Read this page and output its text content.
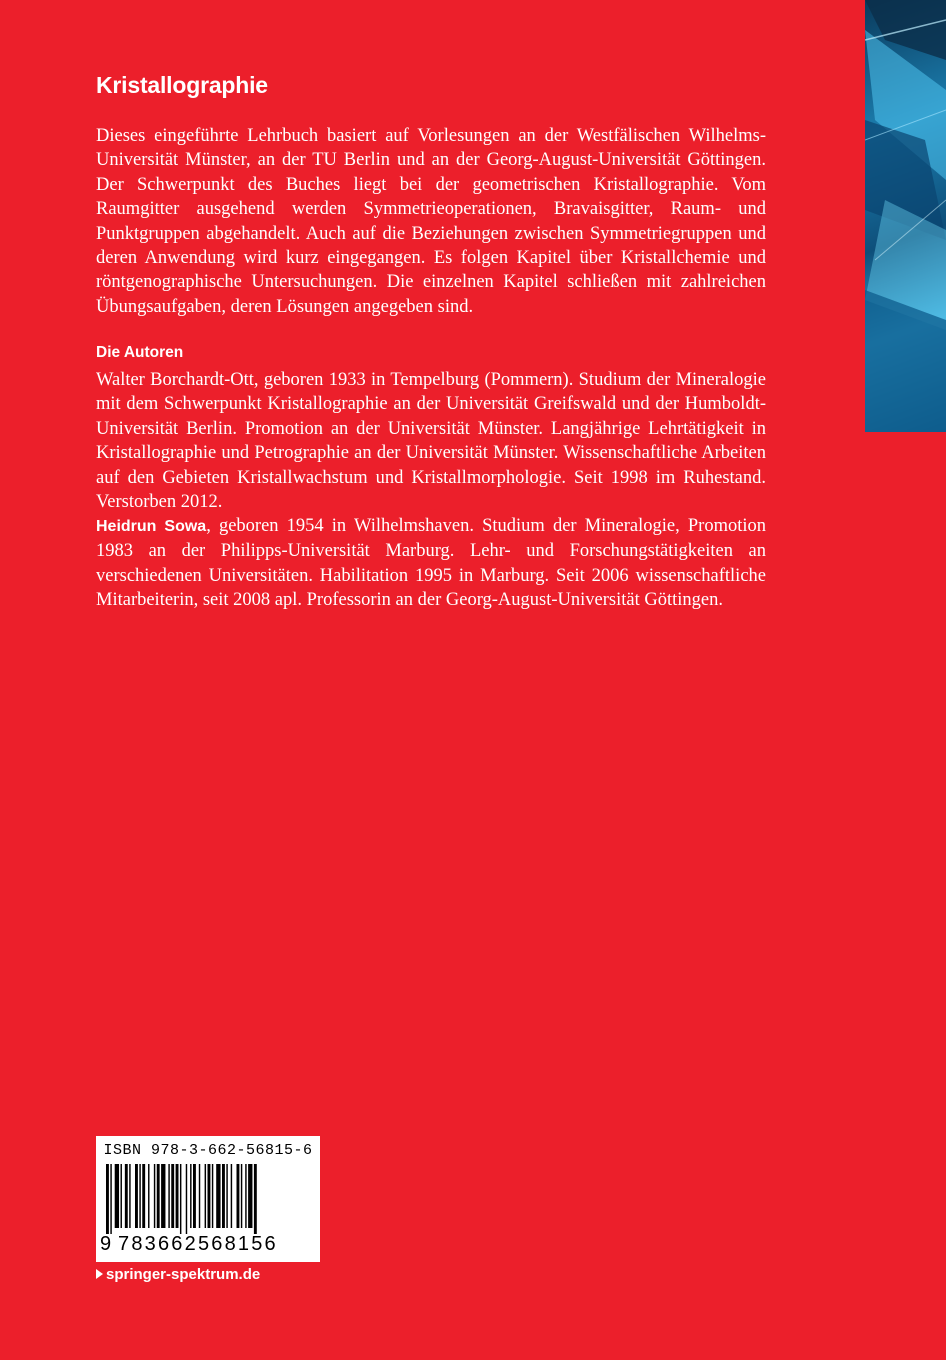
Kristallographie
Dieses eingeführte Lehrbuch basiert auf Vorlesungen an der Westfälischen Wilhelms-Universität Münster, an der TU Berlin und an der Georg-August-Universität Göttingen. Der Schwerpunkt des Buches liegt bei der geometrischen Kristallographie. Vom Raumgitter ausgehend werden Symmetrieoperationen, Bravaisgitter, Raum- und Punktgruppen abgehandelt. Auch auf die Beziehungen zwischen Symmetriegruppen und deren Anwendung wird kurz eingegangen. Es folgen Kapitel über Kristallchemie und röntgenographische Untersuchungen. Die einzelnen Kapitel schließen mit zahlreichen Übungsaufgaben, deren Lösungen angegeben sind.
Die Autoren
Walter Borchardt-Ott, geboren 1933 in Tempelburg (Pommern). Studium der Mineralogie mit dem Schwerpunkt Kristallographie an der Universität Greifswald und der Humboldt-Universität Berlin. Promotion an der Universität Münster. Langjährige Lehrtätigkeit in Kristallographie und Petrographie an der Universität Münster. Wissenschaftliche Arbeiten auf den Gebieten Kristallwachstum und Kristallmorphologie. Seit 1998 im Ruhestand. Verstorben 2012.
Heidrun Sowa, geboren 1954 in Wilhelmshaven. Studium der Mineralogie, Promotion 1983 an der Philipps-Universität Marburg. Lehr- und Forschungstätigkeiten an verschiedenen Universitäten. Habilitation 1995 in Marburg. Seit 2006 wissenschaftliche Mitarbeiterin, seit 2008 apl. Professorin an der Georg-August-Universität Göttingen.
ISBN 978-3-662-56815-6
9 783662568156
springer-spektrum.de
